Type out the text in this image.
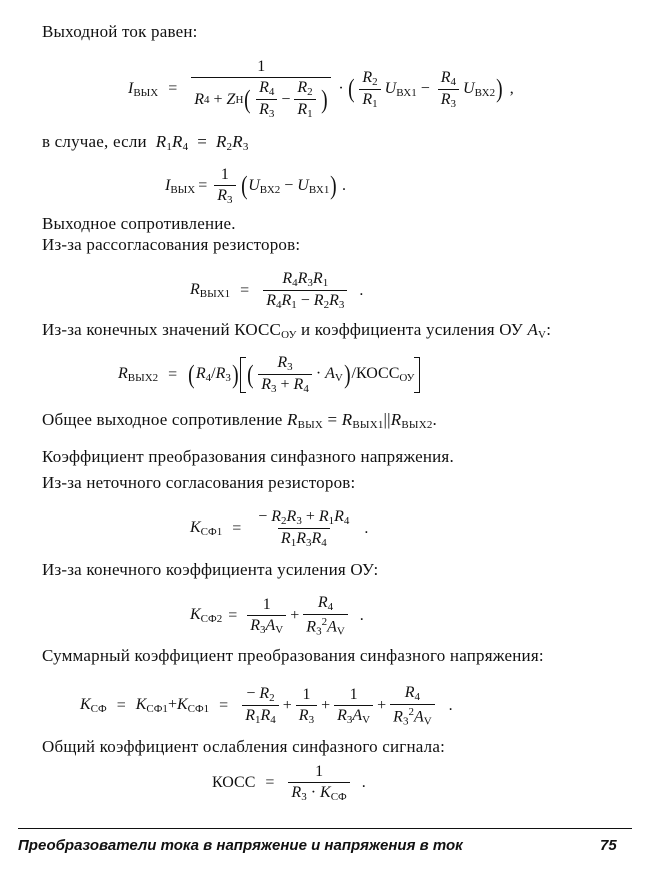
Выходной ток равен:
$I_{ВЫХ}$ =
1
R 4 + Z Н ( $\frac{R_4}{R_3} - \frac{R_2}{R_1}$ ) · ( $\frac{R_2}{R_1} U_{ВХ1} - \frac{R_4}{R_3} U_{ВХ2}$ ) ,
в случае, если $R_1R_4 = R_2R_3$
$I_{ВЫХ} = \frac{1}{R_3}$ ( $U_{ВХ2} - U_{ВХ1}$ ) .
Выходное сопротивление.
Из-за рассогласования резисторов:
$R_{ВЫХ1} = \frac{R_4R_3R_1}{R_4R_1 - R_2R_3}$ .
Из-за конечных значений $КОСС_{ОУ}$ и коэффициента усиления ОУ $A_V$:
$R_{ВЫХ2}$ = ( $R_4/R_3$ ) ( $\frac{R_3}{R_3 + R_4} \cdot A_V$ ) $/КОСС_{ОУ}$
Общее выходное сопротивление $R_{ВЫХ} = R_{ВЫХ1}||R_{ВЫХ2}$.
Коэффициент преобразования синфазного напряжения.
Из-за неточного согласования резисторов:
$K_{СФ1} = \frac{- R_2R_3 + R_1R_4}{R_1R_3R_4}$ .
Из-за конечного коэффициента усиления ОУ:
$K_{СФ2} = \frac{1}{R_3A_V} + \frac{R_4}{R_3^2A_V}$ .
Суммарный коэффициент преобразования синфазного напряжения:
$K_{СФ} = K_{СФ1}+K_{СФ1} = \frac{- R_2}{R_1R_4} + \frac{1}{R_3} + \frac{1}{R_3A_V} + \frac{R_4}{R_3^2A_V}$ .
Общий коэффициент ослабления синфазного сигнала:
КОСС = $\frac{1}{R_3 \cdot K_{СФ}}$ .
Преобразователи тока в напряжение и напряжения в ток	75
